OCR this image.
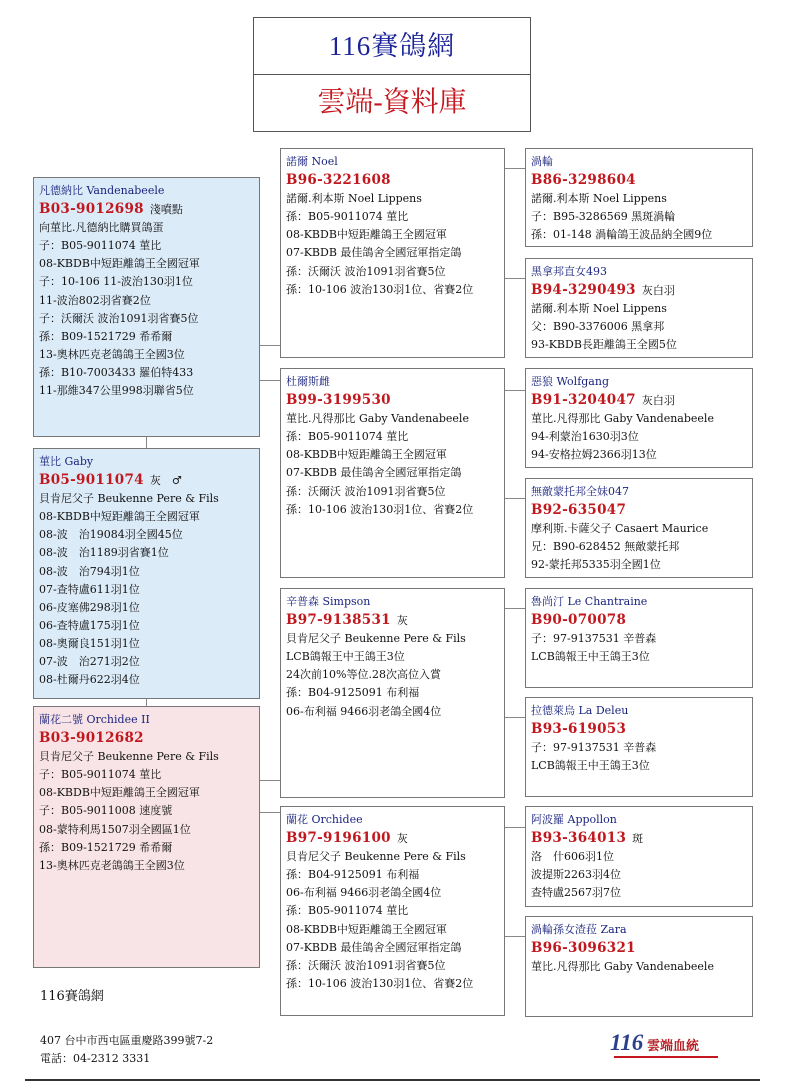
116賽鴿網
雲端-資料庫
凡德納比 Vandenabeele
B03-9012698 淺噴點
向菫比.凡德納比購買鴿蛋
子：B05-9011074 菫比
08-KBDB中短距離鴿王全國冠軍
子：10-106 11-波治130羽1位
11-波治802羽省賽2位
子：沃爾沃 波治1091羽省賽5位
孫：B09-1521729 希希爾
13-奧林匹克老鴿鴿王全國3位
孫：B10-7003433 羅伯特433
11-那維347公里998羽聯省5位
菫比 Gaby
B05-9011074 灰　♂
貝肯尼父子 Beukenne Pere & Fils
08-KBDB中短距離鴿王全國冠軍
08-波　治19084羽全國45位
08-波　治1189羽省賽1位
08-波　治794羽1位
07-查特盧611羽1位
06-皮塞佛298羽1位
06-查特盧175羽1位
08-奧爾良151羽1位
07-波　治271羽2位
08-杜爾丹622羽4位
蘭花二號 Orchidee II
B03-9012682
貝肯尼父子 Beukenne Pere & Fils
子：B05-9011074 菫比
08-KBDB中短距離鴿王全國冠軍
子：B05-9011008 速度號
08-蒙特利馬1507羽全國區1位
孫：B09-1521729 希希爾
13-奧林匹克老鴿鴿王全國3位
諾爾 Noel
B96-3221608
諾爾.利本斯 Noel Lippens
孫：B05-9011074 菫比
08-KBDB中短距離鴿王全國冠軍
07-KBDB 最佳鴿舍全國冠軍指定鴿
孫：沃爾沃 波治1091羽省賽5位
孫：10-106 波治130羽1位、省賽2位
杜爾斯雌
B99-3199530
菫比.凡得那比 Gaby Vandenabeele
孫：B05-9011074 菫比
08-KBDB中短距離鴿王全國冠軍
07-KBDB 最佳鴿舍全國冠軍指定鴿
孫：沃爾沃 波治1091羽省賽5位
孫：10-106 波治130羽1位、省賽2位
辛普森 Simpson
B97-9138531 灰
貝肯尼父子 Beukenne Pere & Fils
LCB鴿報王中王鴿王3位
24次前10%等位.28次高位入賞
孫：B04-9125091 布利福
06-布利福 9466羽老鴿全國4位
蘭花 Orchidee
B97-9196100 灰
貝肯尼父子 Beukenne Pere & Fils
孫：B04-9125091 布利福
06-布利福 9466羽老鴿全國4位
孫：B05-9011074 菫比
08-KBDB中短距離鴿王全國冠軍
07-KBDB 最佳鴿舍全國冠軍指定鴿
孫：沃爾沃 波治1091羽省賽5位
孫：10-106 波治130羽1位、省賽2位
渦輪
B86-3298604
諾爾.利本斯 Noel Lippens
子：B95-3286569 黑斑渦輪
孫：01-148 渦輪鴿王波品納全國9位
黑拿邦直女493
B94-3290493 灰白羽
諾爾.利本斯 Noel Lippens
父：B90-3376006 黑拿邦
93-KBDB長距離鴿王全國5位
惡狼 Wolfgang
B91-3204047 灰白羽
菫比.凡得那比 Gaby Vandenabeele
94-利蒙治1630羽3位
94-安格拉姆2366羽13位
無敵蒙托邦全妹047
B92-635047
摩利斯.卡薩父子 Casaert Maurice
兄：B90-628452 無敵蒙托邦
92-蒙托邦5335羽全國1位
魯尚汀 Le Chantraine
B90-070078
子：97-9137531 辛普森
LCB鴿報王中王鴿王3位
拉德萊烏 La Deleu
B93-619053
子：97-9137531 辛普森
LCB鴿報王中王鴿王3位
阿波羅 Appollon
B93-364013 斑
洛　什606羽1位
波提斯2263羽4位
查特盧2567羽7位
渦輪孫女渣菈 Zara
B96-3096321
菫比.凡得那比 Gaby Vandenabeele
116賽鴿網
407 台中市西屯區重慶路399號7-2
電話：04-2312 3331
116 雲端血統
